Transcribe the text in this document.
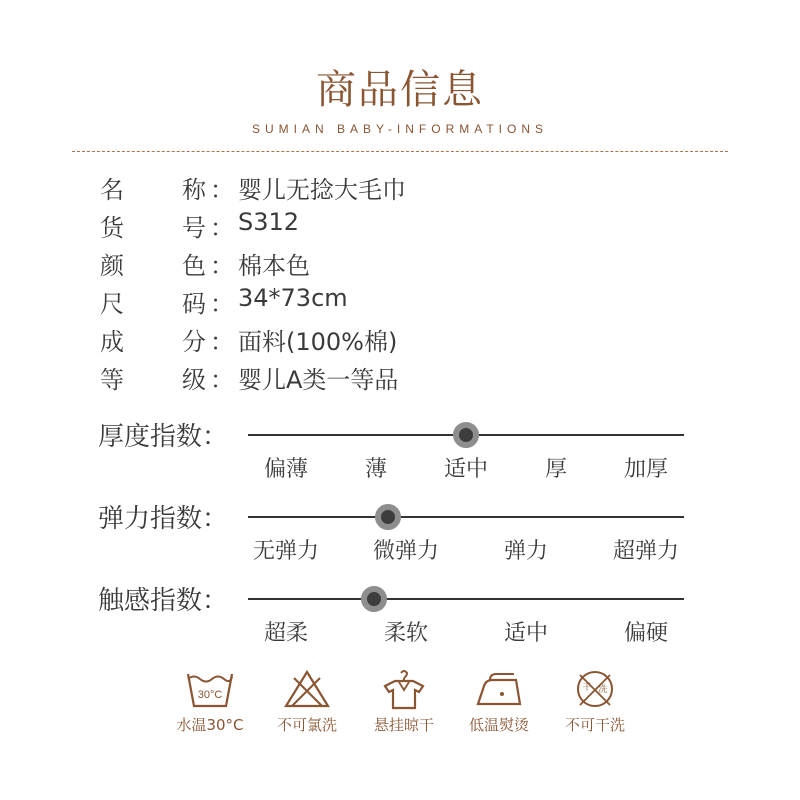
商品信息
SUMIAN BABY-INFORMATIONS
名 称 ： 婴儿无捻大毛巾
货 号 ： S312
颜 色 ： 棉本色
尺 码 ： 34*73cm
成 分 ： 面料(100%棉)
等 级 ： 婴儿A类一等品
厚度指数：
偏薄	薄	适中	厚	加厚
弹力指数：
无弹力 微弹力	弹力	超弹力
触感指数：
超柔	柔软	适中	偏硬
30°C
水温30°C	不可氯洗	悬挂晾干	低温熨烫
干 洗
不可干洗
